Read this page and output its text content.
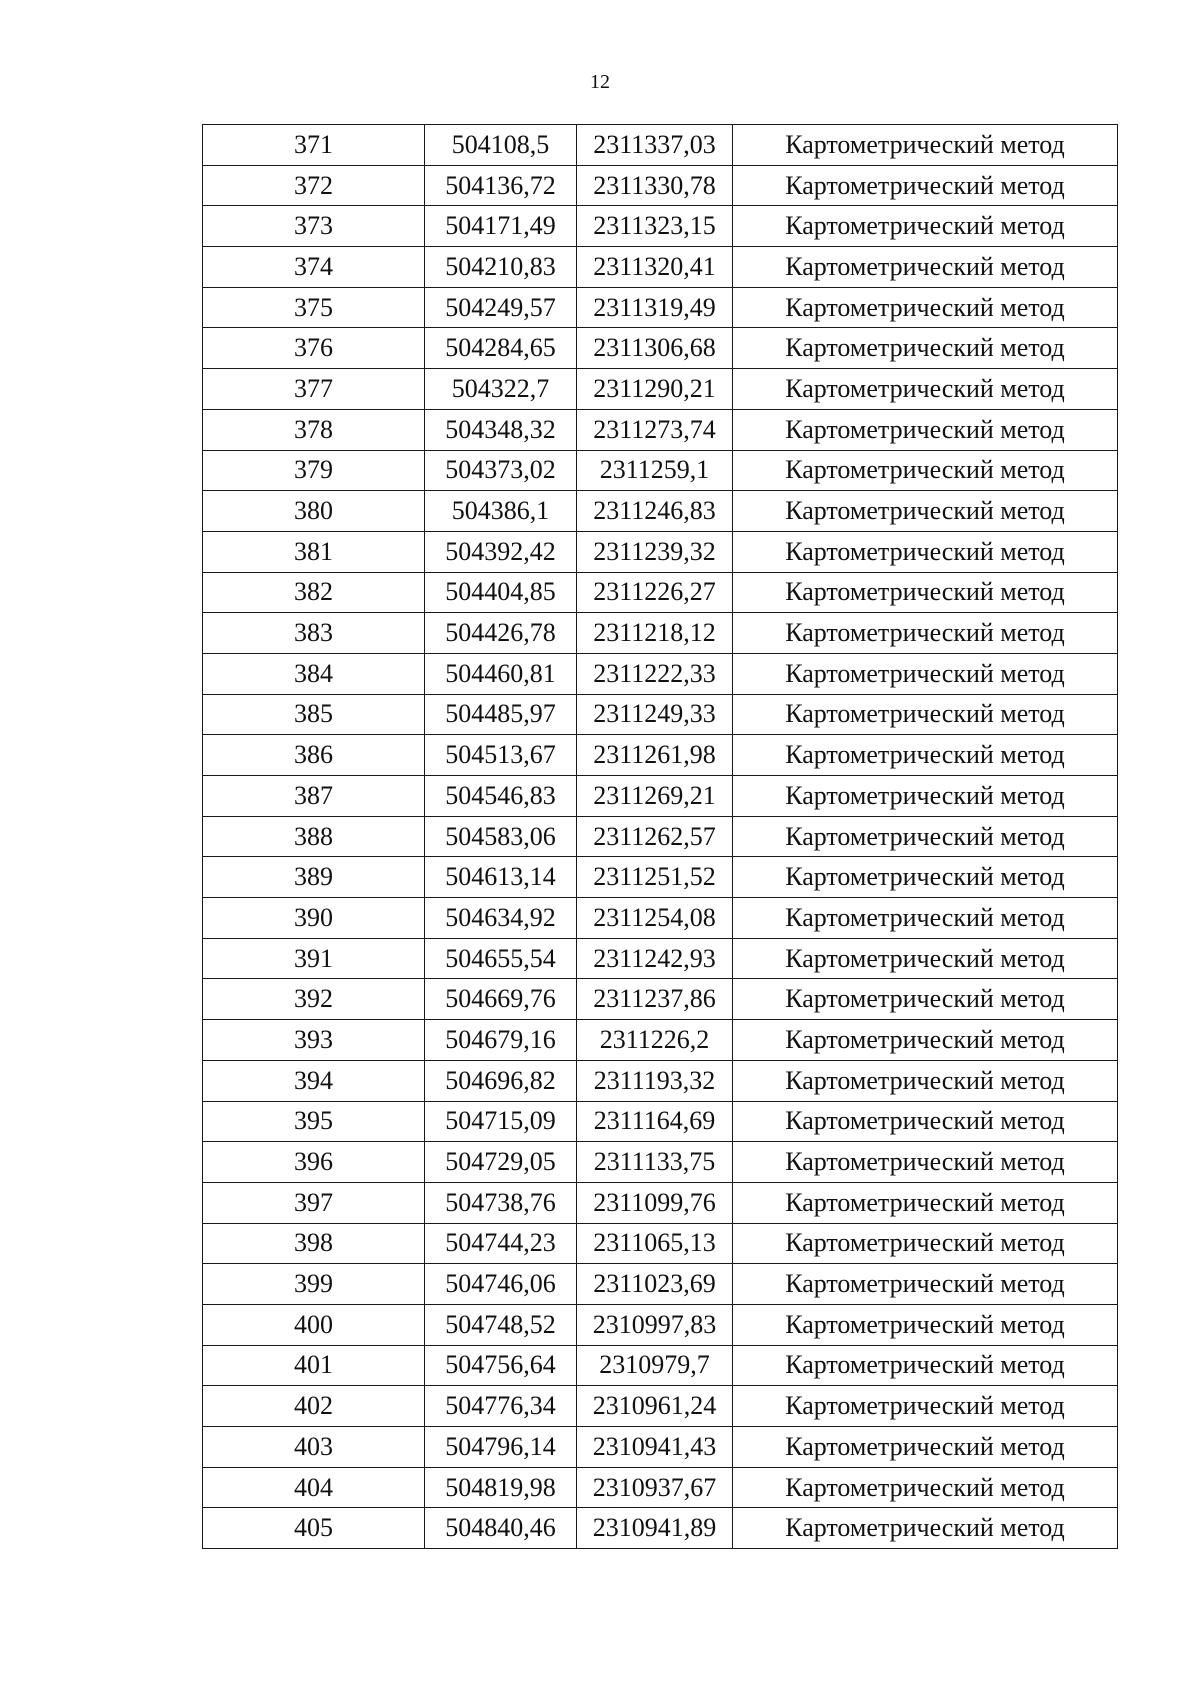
12
371	504108,5	2311337,03	Картометрический метод
372	504136,72	2311330,78	Картометрический метод
373	504171,49	2311323,15	Картометрический метод
374	504210,83	2311320,41	Картометрический метод
375	504249,57	2311319,49	Картометрический метод
376	504284,65	2311306,68	Картометрический метод
377	504322,7	2311290,21	Картометрический метод
378	504348,32	2311273,74	Картометрический метод
379	504373,02	2311259,1	Картометрический метод
380	504386,1	2311246,83	Картометрический метод
381	504392,42	2311239,32	Картометрический метод
382	504404,85	2311226,27	Картометрический метод
383	504426,78	2311218,12	Картометрический метод
384	504460,81	2311222,33	Картометрический метод
385	504485,97	2311249,33	Картометрический метод
386	504513,67	2311261,98	Картометрический метод
387	504546,83	2311269,21	Картометрический метод
388	504583,06	2311262,57	Картометрический метод
389	504613,14	2311251,52	Картометрический метод
390	504634,92	2311254,08	Картометрический метод
391	504655,54	2311242,93	Картометрический метод
392	504669,76	2311237,86	Картометрический метод
393	504679,16	2311226,2	Картометрический метод
394	504696,82	2311193,32	Картометрический метод
395	504715,09	2311164,69	Картометрический метод
396	504729,05	2311133,75	Картометрический метод
397	504738,76	2311099,76	Картометрический метод
398	504744,23	2311065,13	Картометрический метод
399	504746,06	2311023,69	Картометрический метод
400	504748,52	2310997,83	Картометрический метод
401	504756,64	2310979,7	Картометрический метод
402	504776,34	2310961,24	Картометрический метод
403	504796,14	2310941,43	Картометрический метод
404	504819,98	2310937,67	Картометрический метод
405	504840,46	2310941,89	Картометрический метод
